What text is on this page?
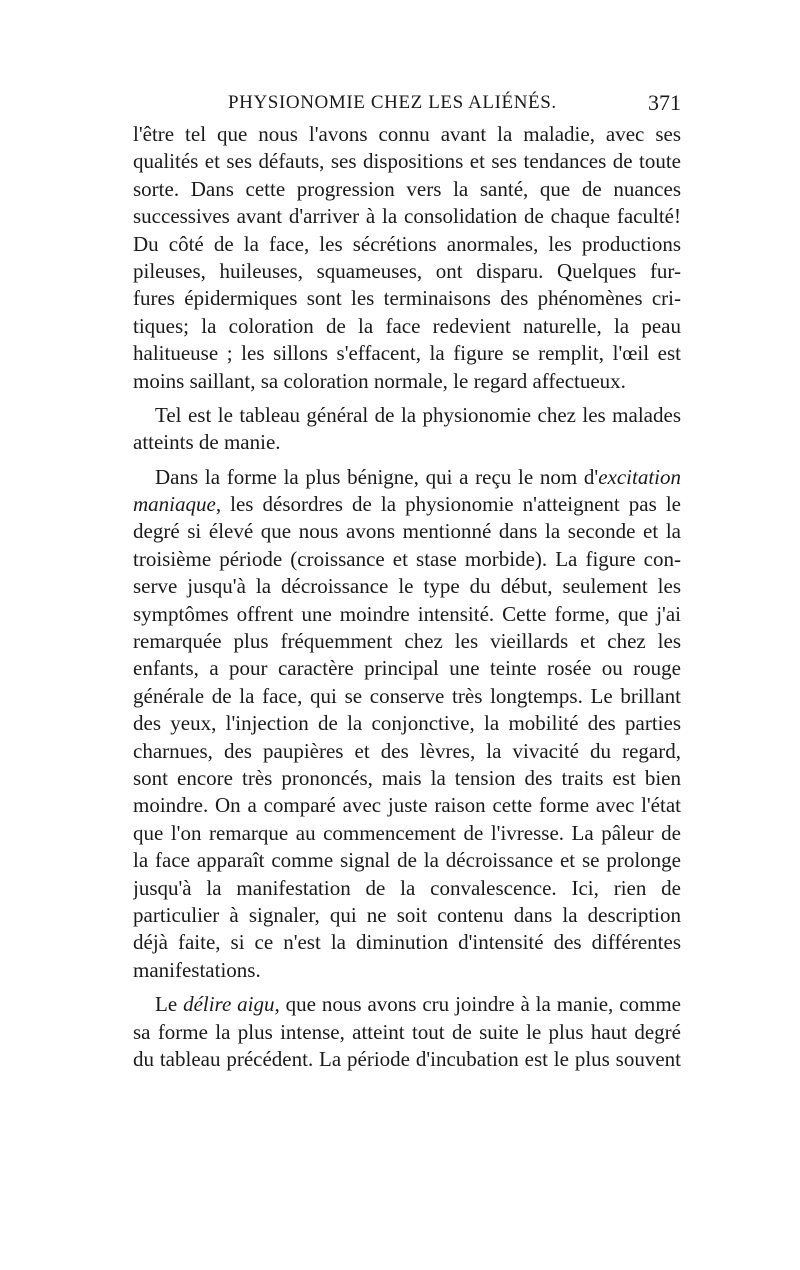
PHYSIONOMIE CHEZ LES ALIÉNÉS.	371
l'être tel que nous l'avons connu avant la maladie, avec ses
qualités et ses défauts, ses dispositions et ses tendances de toute
sorte. Dans cette progression vers la santé, que de nuances
successives avant d'arriver à la consolidation de chaque faculté!
Du côté de la face, les sécrétions anormales, les productions
pileuses, huileuses, squameuses, ont disparu. Quelques fur-
fures épidermiques sont les terminaisons des phénomènes cri-
tiques; la coloration de la face redevient naturelle, la peau
halitueuse ; les sillons s'effacent, la figure se remplit, l'œil est
moins saillant, sa coloration normale, le regard affectueux.
Tel est le tableau général de la physionomie chez les malades
atteints de manie.
Dans la forme la plus bénigne, qui a reçu le nom d'excitation
maniaque, les désordres de la physionomie n'atteignent pas le
degré si élevé que nous avons mentionné dans la seconde et la
troisième période (croissance et stase morbide). La figure con-
serve jusqu'à la décroissance le type du début, seulement les
symptômes offrent une moindre intensité. Cette forme, que j'ai
remarquée plus fréquemment chez les vieillards et chez les
enfants, a pour caractère principal une teinte rosée ou rouge
générale de la face, qui se conserve très longtemps. Le brillant
des yeux, l'injection de la conjonctive, la mobilité des parties
charnues, des paupières et des lèvres, la vivacité du regard,
sont encore très prononcés, mais la tension des traits est bien
moindre. On a comparé avec juste raison cette forme avec l'état
que l'on remarque au commencement de l'ivresse. La pâleur de
la face apparaît comme signal de la décroissance et se prolonge
jusqu'à la manifestation de la convalescence. Ici, rien de
particulier à signaler, qui ne soit contenu dans la description
déjà faite, si ce n'est la diminution d'intensité des différentes
manifestations.
Le délire aigu, que nous avons cru joindre à la manie, comme
sa forme la plus intense, atteint tout de suite le plus haut degré
du tableau précédent. La période d'incubation est le plus souvent
